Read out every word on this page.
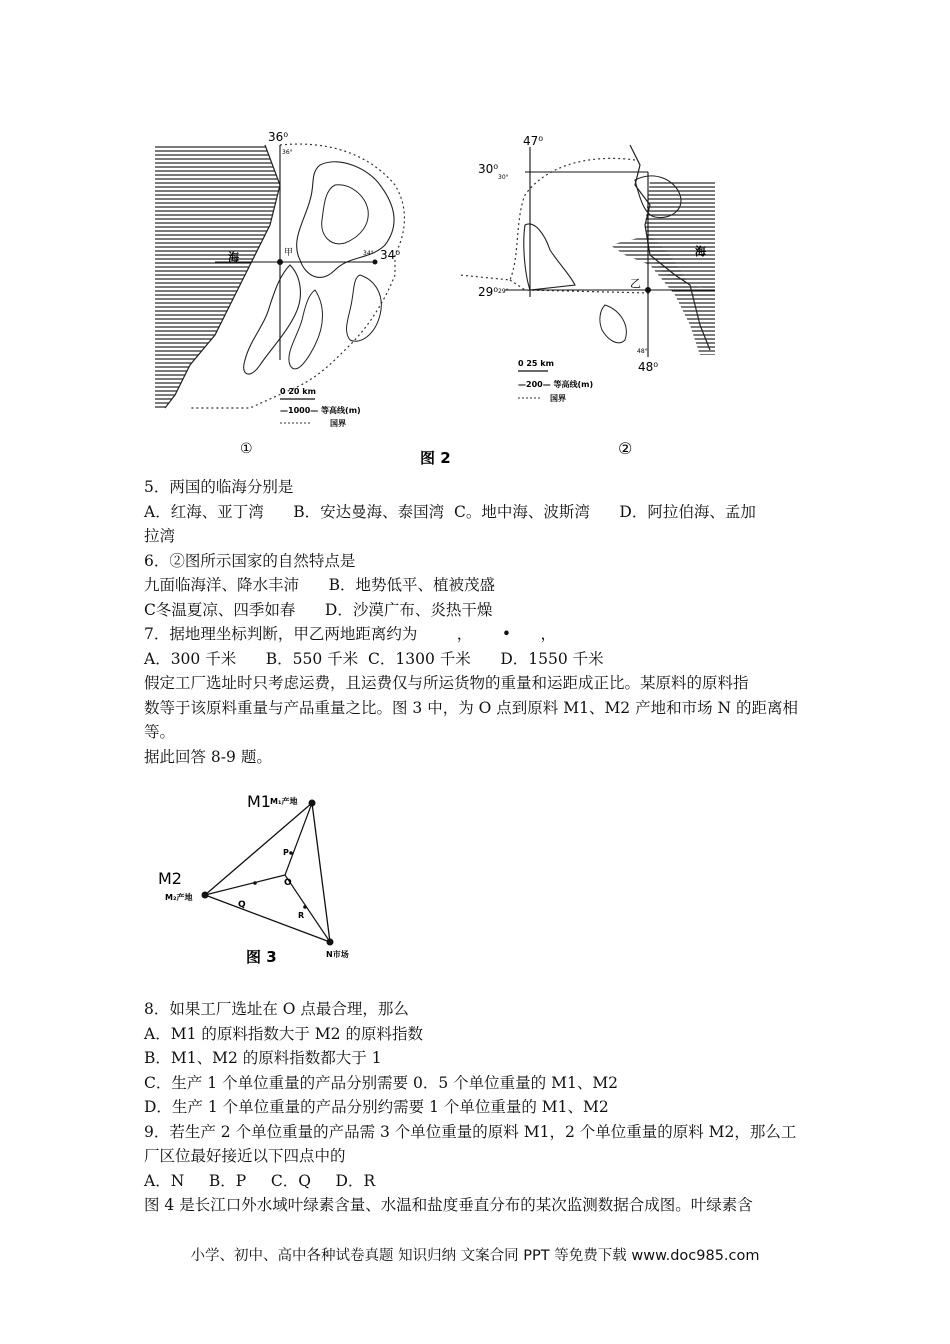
36⁰
36°
34⁰
34°
海	甲
0 20 km
—1000— 等高线(m)
国界
①	图 2
47⁰
30⁰
30°
29⁰ 29°
48⁰
48°
海
乙
0 25 km
—200— 等高线(m)
国界
②

5．两国的临海分别是

A．红海、亚丁湾      B．安达曼海、泰国湾  C。地中海、波斯湾      D．阿拉伯海、孟加

拉湾

6．②图所示国家的自然特点是

九面临海洋、降水丰沛      B．地势低平、植被茂盛

C冬温夏凉、四季如春      D．沙漠广布、炎热干燥

7．据地理坐标判断，甲乙两地距离约为        ，      •      ，

A．300 千米      B．550 千米  C．1300 千米      D．1550 千米

假定工厂选址时只考虑运费，且运费仅与所运货物的重量和运距成正比。某原料的原料指

数等于该原料重量与产品重量之比。图 3 中，为 O 点到原料 M1、M2 产地和市场 N 的距离相

等。

据此回答 8-9 题。

M1 M₁产地
M2
M₂产地
N市场
O
P
Q
R
图 3

8．如果工厂选址在 O 点最合理，那么

A．M1 的原料指数大于 M2 的原料指数

B．M1、M2 的原料指数都大于 1

C．生产 1 个单位重量的产品分别需要 0．5 个单位重量的 M1、M2

D．生产 1 个单位重量的产品分别约需要 1 个单位重量的 M1、M2

9．若生产 2 个单位重量的产品需 3 个单位重量的原料 M1，2 个单位重量的原料 M2，那么工

厂区位最好接近以下四点中的

A．N     B．P     C．Q     D．R

图 4 是长江口外水域叶绿素含量、水温和盐度垂直分布的某次监测数据合成图。叶绿素含

小学、初中、高中各种试卷真题 知识归纳 文案合同 PPT 等免费下载 www.doc985.com
